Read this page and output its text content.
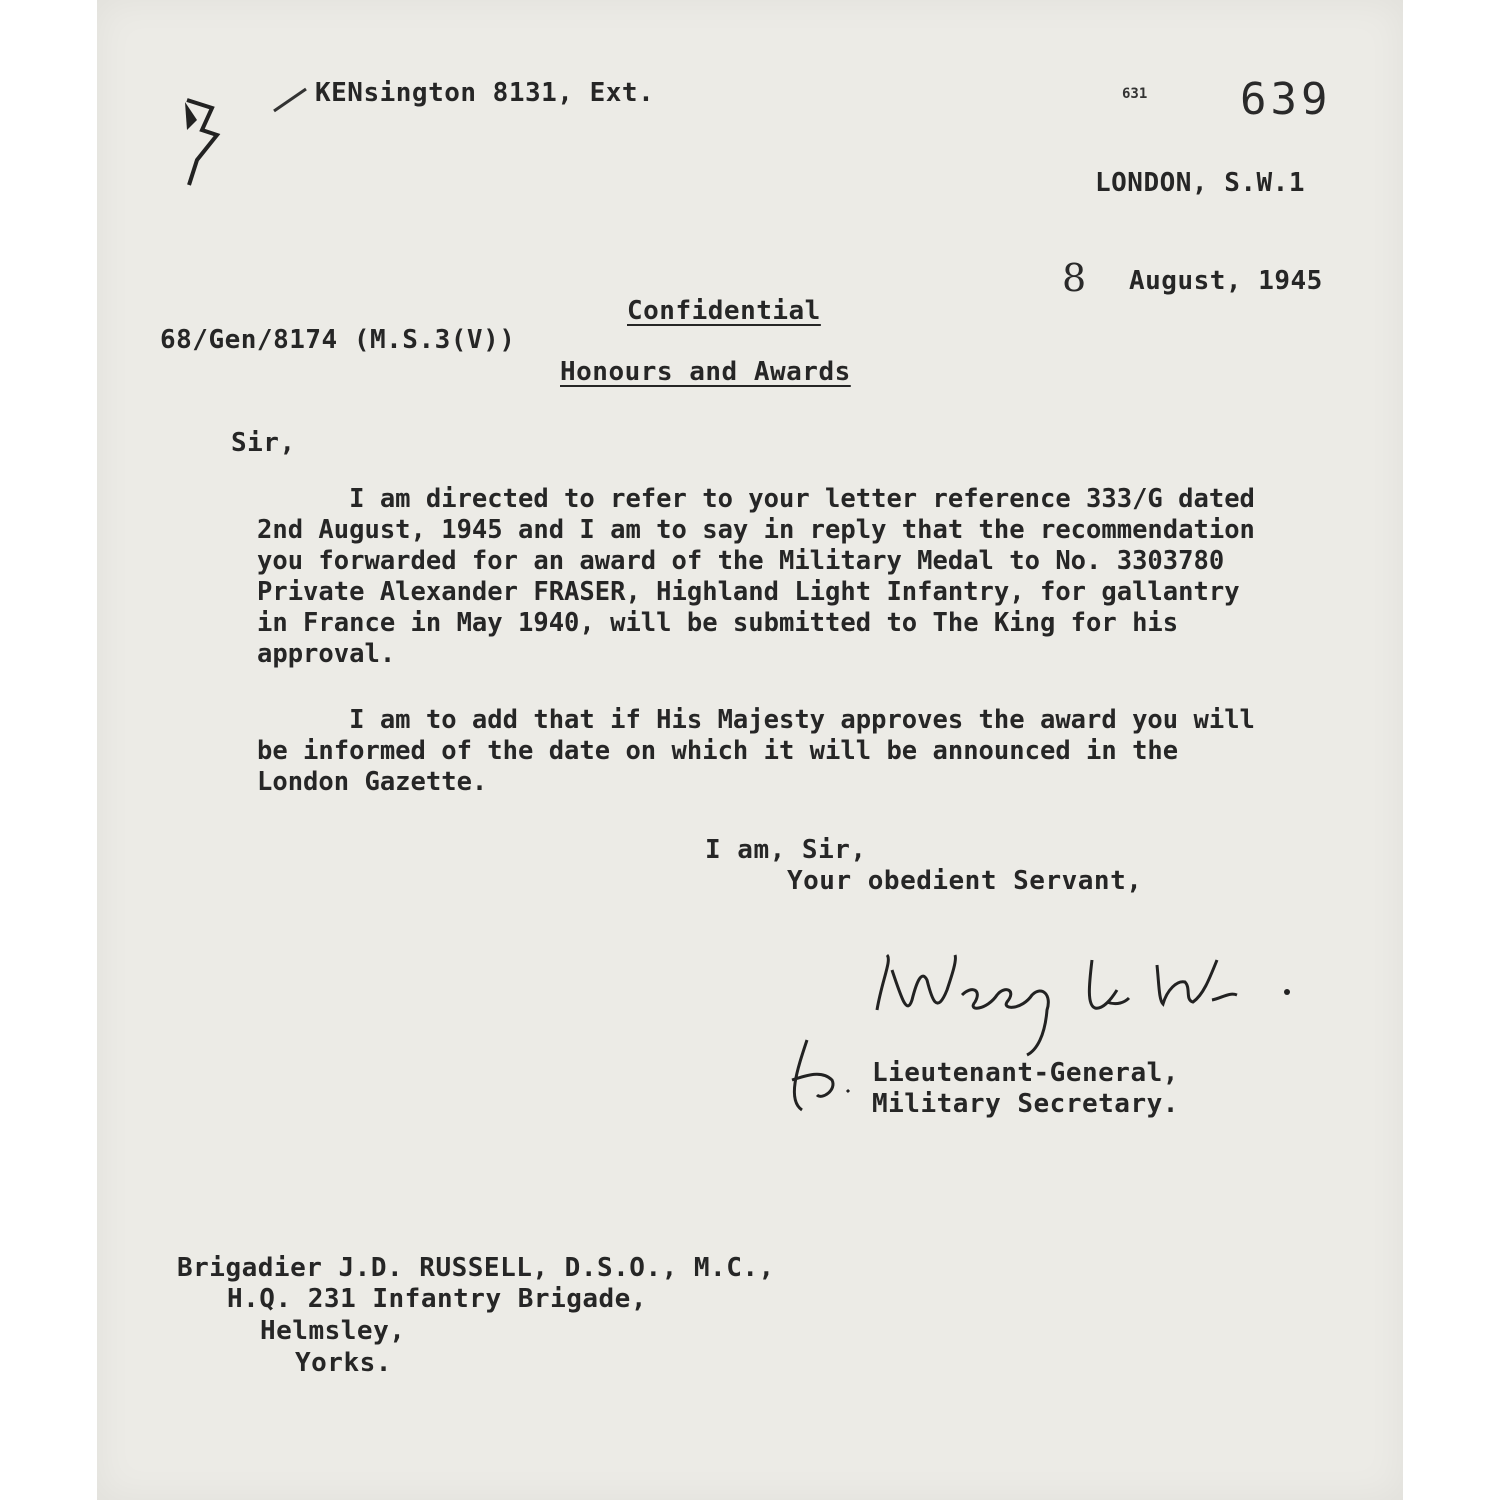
KENsington 8131, Ext.	631 639
LONDON, S.W.1
8 August, 1945
Confidential
68/Gen/8174 (M.S.3(V))
Honours and Awards
Sir,
I am directed to refer to your letter reference 333/G dated
2nd August, 1945 and I am to say in reply that the recommendation
you forwarded for an award of the Military Medal to No. 3303780
Private Alexander FRASER, Highland Light Infantry, for gallantry
in France in May 1940, will be submitted to The King for his
approval.
I am to add that if His Majesty approves the award you will
be informed of the date on which it will be announced in the
London Gazette.
I am, Sir,
Your obedient Servant,
Lieutenant-General,
Military Secretary.
Brigadier J.D. RUSSELL, D.S.O., M.C.,
H.Q. 231 Infantry Brigade,
Helmsley,
Yorks.
